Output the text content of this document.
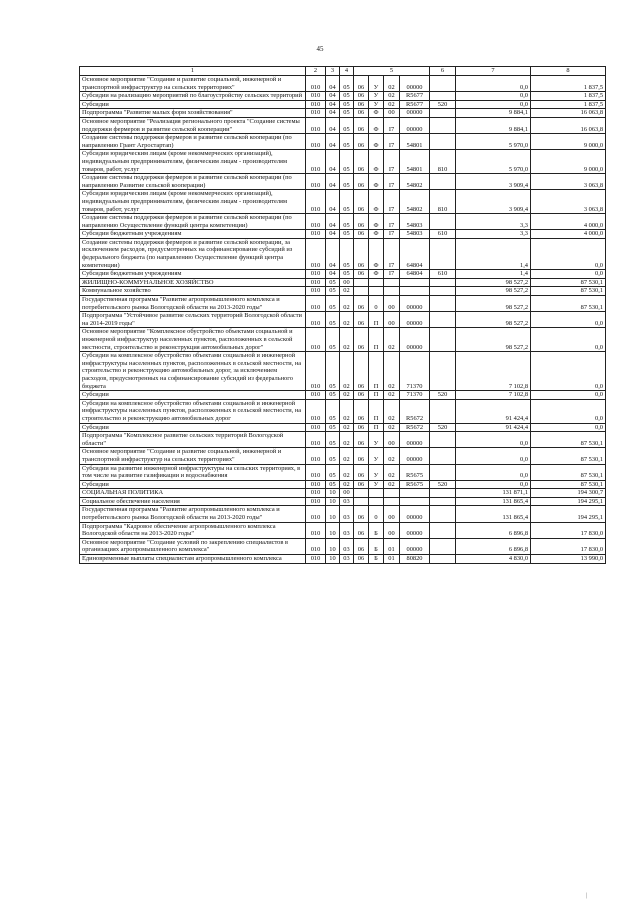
45
1	2	3	4	5				6	7	8
Основное мероприятие "Создание и развитие социальной, инженерной и транспортной инфраструктур на сельских территориях"	010	04	05	06	У	02	00000		0,0	1 837,5
Субсидии на реализацию мероприятий по благоустройству сельских территорий	010	04	05	06	У	02	R5677		0,0	1 837,5
Субсидии	010	04	05	06	У	02	R5677	520	0,0	1 837,5
Подпрограмма "Развитие малых форм хозяйствования"	010	04	05	06	Ф	00	00000		9 884,1	16 063,8
Основное мероприятие "Реализация регионального проекта "Создание системы поддержки фермеров и развитие сельской кооперации"	010	04	05	06	Ф	I7	00000		9 884,1	16 063,8
Создание системы поддержки фермеров и развитие сельской кооперации (по направлению Грант Агростартап)	010	04	05	06	Ф	I7	54801		5 970,0	9 000,0
Субсидии юридическим лицам (кроме некоммерческих организаций), индивидуальным предпринимателям, физическим лицам - производителям товаров, работ, услуг	010	04	05	06	Ф	I7	54801	810	5 970,0	9 000,0
Создание системы поддержки фермеров и развитие сельской кооперации (по направлению Развитие сельской кооперации)	010	04	05	06	Ф	I7	54802		3 909,4	3 063,8
Субсидии юридическим лицам (кроме некоммерческих организаций), индивидуальным предпринимателям, физическим лицам - производителям товаров, работ, услуг	010	04	05	06	Ф	I7	54802	810	3 909,4	3 063,8
Создание системы поддержки фермеров и развитие сельской кооперации (по направлению Осуществление функций центра компетенции)	010	04	05	06	Ф	I7	54803		3,3	4 000,0
Субсидии бюджетным учреждениям	010	04	05	06	Ф	I7	54803	610	3,3	4 000,0
Создание системы поддержки фермеров и развитие сельской кооперации, за исключением расходов, предусмотренных на софинансирование субсидий из федерального бюджета (по направлению Осуществление функций центра компетенции)	010	04	05	06	Ф	I7	64804		1,4	0,0
Субсидии бюджетным учреждениям	010	04	05	06	Ф	I7	64804	610	1,4	0,0
ЖИЛИЩНО-КОММУНАЛЬНОЕ ХОЗЯЙСТВО	010	05	00						98 527,2	87 530,1
Коммунальное хозяйство	010	05	02						98 527,2	87 530,1
Государственная программа "Развитие агропромышленного комплекса и потребительского рынка Вологодской области на 2013-2020 годы"	010	05	02	06	0	00	00000		98 527,2	87 530,1
Подпрограмма "Устойчивое развитие сельских территорий Вологодской области на 2014-2019 годы"	010	05	02	06	П	00	00000		98 527,2	0,0
Основное мероприятие "Комплексное обустройство объектами социальной и инженерной инфраструктур населенных пунктов, расположенных в сельской местности, строительство и реконструкция автомобильных дорог"	010	05	02	06	П	02	00000		98 527,2	0,0
Субсидии на комплексное обустройство объектами социальной и инженерной инфраструктуры населенных пунктов, расположенных в сельской местности, на строительство и реконструкцию автомобильных дорог, за исключением расходов, предусмотренных на софинансирование субсидий из федерального бюджета	010	05	02	06	П	02	71370		7 102,8	0,0
Субсидии	010	05	02	06	П	02	71370	520	7 102,8	0,0
Субсидии на комплексное обустройство объектами социальной и инженерной инфраструктуры населенных пунктов, расположенных в сельской местности, на строительство и реконструкцию автомобильных дорог	010	05	02	06	П	02	R5672		91 424,4	0,0
Субсидии	010	05	02	06	П	02	R5672	520	91 424,4	0,0
Подпрограмма "Комплексное развитие сельских территорий Вологодской области"	010	05	02	06	У	00	00000		0,0	87 530,1
Основное мероприятие "Создание и развитие социальной, инженерной и транспортной инфраструктур на сельских территориях"	010	05	02	06	У	02	00000		0,0	87 530,1
Субсидии на развитие инженерной инфраструктуры на сельских территориях, в том числе на развитие газификации и водоснабжения	010	05	02	06	У	02	R5675		0,0	87 530,1
Субсидии	010	05	02	06	У	02	R5675	520	0,0	87 530,1
СОЦИАЛЬНАЯ ПОЛИТИКА	010	10	00						131 871,1	194 300,7
Социальное обеспечение населения	010	10	03						131 865,4	194 295,1
Государственная программа "Развитие агропромышленного комплекса и потребительского рынка Вологодской области на 2013-2020 годы"	010	10	03	06	0	00	00000		131 865,4	194 295,1
Подпрограмма "Кадровое обеспечение агропромышленного комплекса Вологодской области на 2013-2020 годы"	010	10	03	06	Б	00	00000		6 896,8	17 830,0
Основное мероприятие "Создание условий по закреплению специалистов в организациях агропромышленного комплекса"	010	10	03	06	Б	01	00000		6 896,8	17 830,0
Единовременные выплаты специалистам агропромышленного комплекса	010	10	03	06	Б	01	80820		4 830,0	13 990,0
|
